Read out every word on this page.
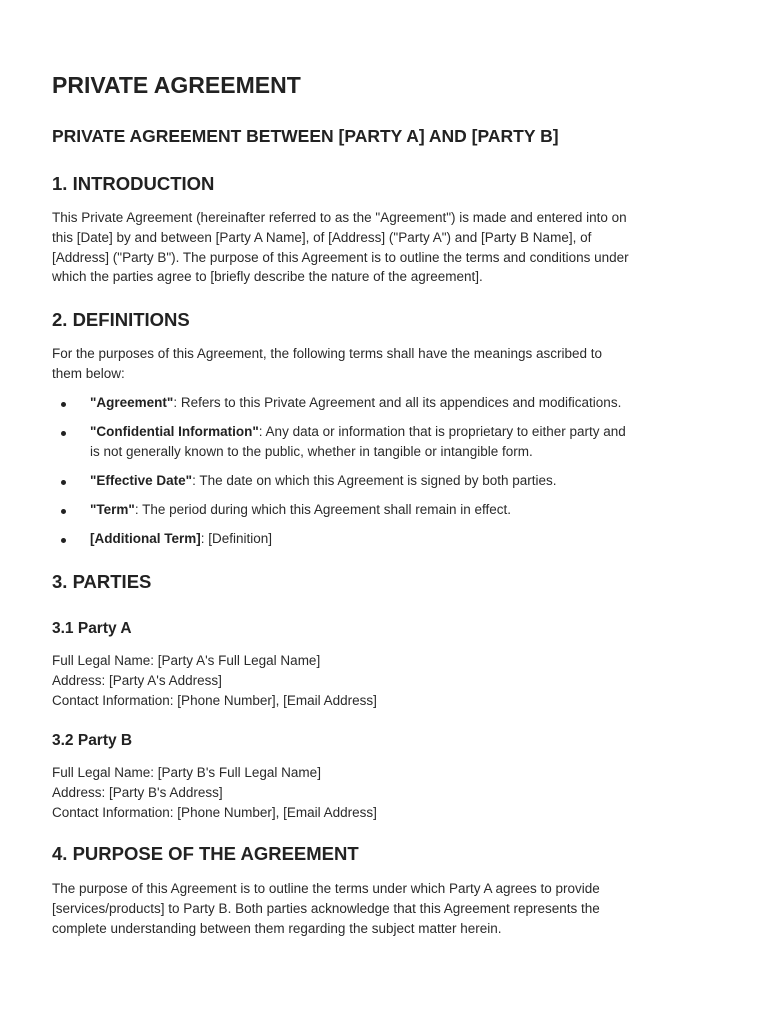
PRIVATE AGREEMENT
PRIVATE AGREEMENT BETWEEN [PARTY A] AND [PARTY B]
1. INTRODUCTION

This Private Agreement (hereinafter referred to as the "Agreement") is made and entered into on
this [Date] by and between [Party A Name], of [Address] ("Party A") and [Party B Name], of
[Address] ("Party B"). The purpose of this Agreement is to outline the terms and conditions under
which the parties agree to [briefly describe the nature of the agreement].

2. DEFINITIONS

For the purposes of this Agreement, the following terms shall have the meanings ascribed to
them below:

"Agreement": Refers to this Private Agreement and all its appendices and modifications.
"Confidential Information": Any data or information that is proprietary to either party and
is not generally known to the public, whether in tangible or intangible form.
"Effective Date": The date on which this Agreement is signed by both parties.
"Term": The period during which this Agreement shall remain in effect.
[Additional Term]: [Definition]
3. PARTIES
3.1 Party A

Full Legal Name: [Party A's Full Legal Name]
Address: [Party A's Address]
Contact Information: [Phone Number], [Email Address]

3.2 Party B

Full Legal Name: [Party B's Full Legal Name]
Address: [Party B's Address]
Contact Information: [Phone Number], [Email Address]

4. PURPOSE OF THE AGREEMENT

The purpose of this Agreement is to outline the terms under which Party A agrees to provide
[services/products] to Party B. Both parties acknowledge that this Agreement represents the
complete understanding between them regarding the subject matter herein.
